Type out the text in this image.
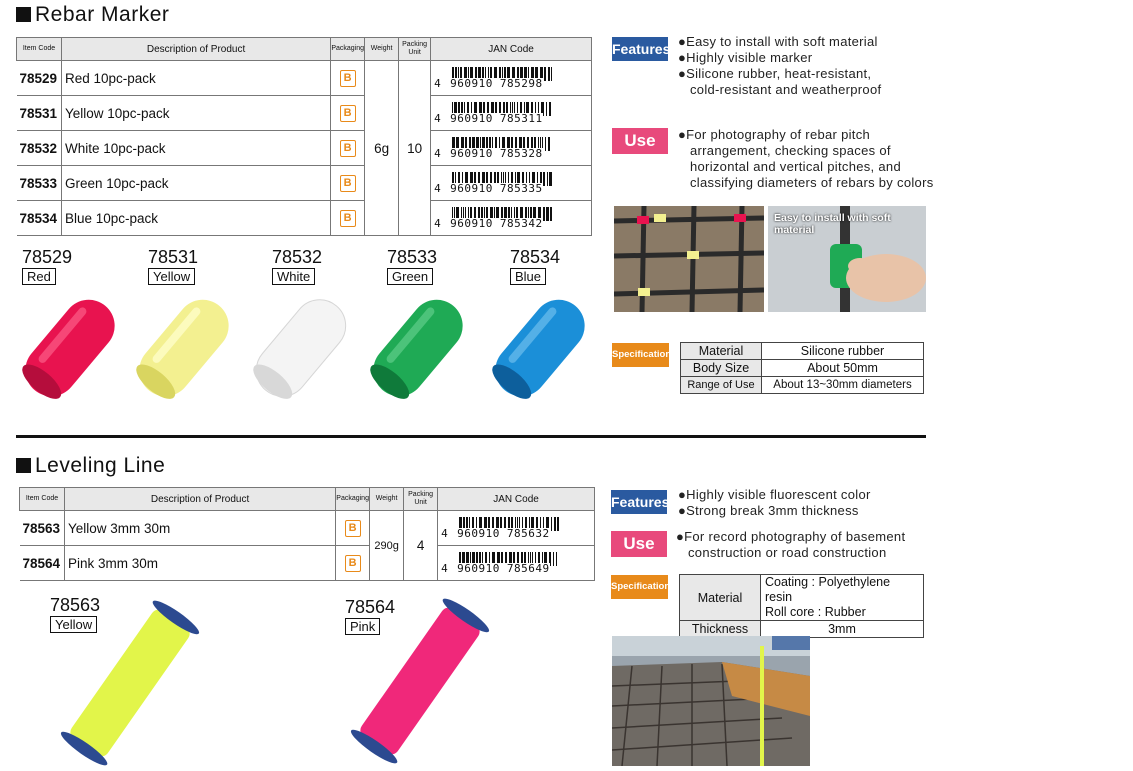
Rebar Marker
Item Code	Description of Product	Packaging	Weight	Packing Unit	JAN Code
78529	Red 10pc-pack	B	6g	10	4 960910 785298

78531	Yellow 10pc-pack	B			4 960910 785311

78532	White 10pc-pack	B			4 960910 785328

78533	Green 10pc-pack	B			4 960910 785335

78534	Blue 10pc-pack	B			4 960910 785342
78529
Red
78531
Yellow
78532
White
78533
Green
78534
Blue
Features ●Easy to install with soft material
●Highly visible marker
●Silicone rubber, heat-resistant,
cold-resistant and weatherproof
Use	●For photography of rebar pitch
arrangement, checking spaces of
horizontal and vertical pitches, and
classifying diameters of rebars by colors
Easy to install with soft material
Specifications Material	Silicone rubber
Body Size	About 50mm
Range of Use	About 13~30mm diameters
Leveling Line
Item Code	Description of Product	Packaging	Weight	Packing Unit	JAN Code
78563	Yellow 3mm 30m	B	290g	4	4 960910 785632

78564	Pink 3mm 30m	B			4 960910 785649
78563
Yellow
78564
Pink
Features ●Highly visible fluorescent color
●Strong break 3mm thickness
Use	●For record photography of basement
construction or road construction
Specifications
Material	Coating : Polyethylene resin
Roll core : Rubber

Thickness	3mm
